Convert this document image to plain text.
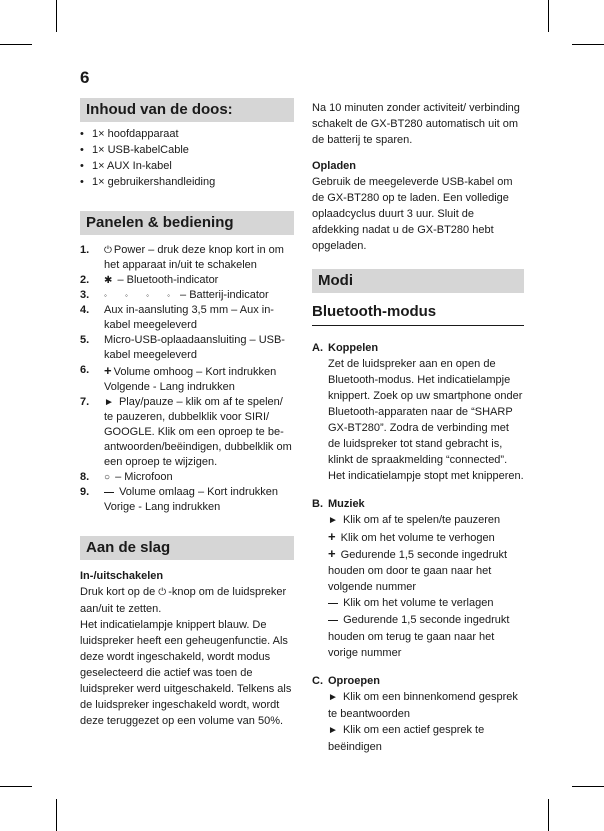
6
Inhoud van de doos:
• 1× hoofdapparaat
• 1× USB-kabelCable
• 1× AUX In-kabel
• 1× gebruikershandleiding
Panelen & bediening
1. ⏻ Power – druk deze knop kort in om het apparaat in/uit te schakelen
2. ✱ – Bluetooth-indicator
3. ◦ ◦ ◦ ◦ – Batterij-indicator
4. Aux in-aansluting 3,5 mm – Aux in-kabel meegeleverd
5. Micro-USB-oplaadaansluiting – USB-kabel meegeleverd
6. + Volume omhoog – Kort indrukken Volgende - Lang indrukken
7. ► Play/pauze – klik om af te spelen/ te pauzeren, dubbelklik voor SIRI/ GOOGLE. Klik om een oproep te be-antwoorden/beëindigen, dubbelklik om een oproep te wijzigen.
8. ○ – Microfoon
9. — Volume omlaag – Kort indrukken Vorige - Lang indrukken
Aan de slag
In-/uitschakelen

Druk kort op de ⏻ -knop om de luidspreker aan/uit te zetten.

Het indicatielampje knippert blauw. De luidspreker heeft een geheugenfunctie. Als deze wordt ingeschakeld, wordt modus geselecteerd die actief was toen de luidspreker werd uitgeschakeld. Telkens als de luidspreker ingeschakeld wordt, wordt deze teruggezet op een volume van 50%.

Na 10 minuten zonder activiteit/ verbinding schakelt de GX-BT280 automatisch uit om de batterij te sparen.

Opladen

Gebruik de meegeleverde USB-kabel om de GX-BT280 op te laden. Een volledige oplaadcyclus duurt 3 uur. Sluit de afdekking nadat u de GX-BT280 hebt opgeladen.

Modi
Bluetooth-modus
A. Koppelen
Zet de luidspreker aan en open de Bluetooth-modus. Het indicatielampje knippert. Zoek op uw smartphone onder Bluetooth-apparaten naar de “SHARP GX-BT280”. Zodra de verbinding met de luidspreker tot stand gebracht is, klinkt de spraakmelding “connected”. Het indicatielampje stopt met knipperen.
B. Muziek
► Klik om af te spelen/te pauzeren
+ Klik om het volume te verhogen
+ Gedurende 1,5 seconde ingedrukt houden om door te gaan naar het volgende nummer
— Klik om het volume te verlagen
— Gedurende 1,5 seconde ingedrukt houden om terug te gaan naar het vorige nummer
C. Oproepen
► Klik om een binnenkomend gesprek te beantwoorden
► Klik om een actief gesprek te beëindigen
